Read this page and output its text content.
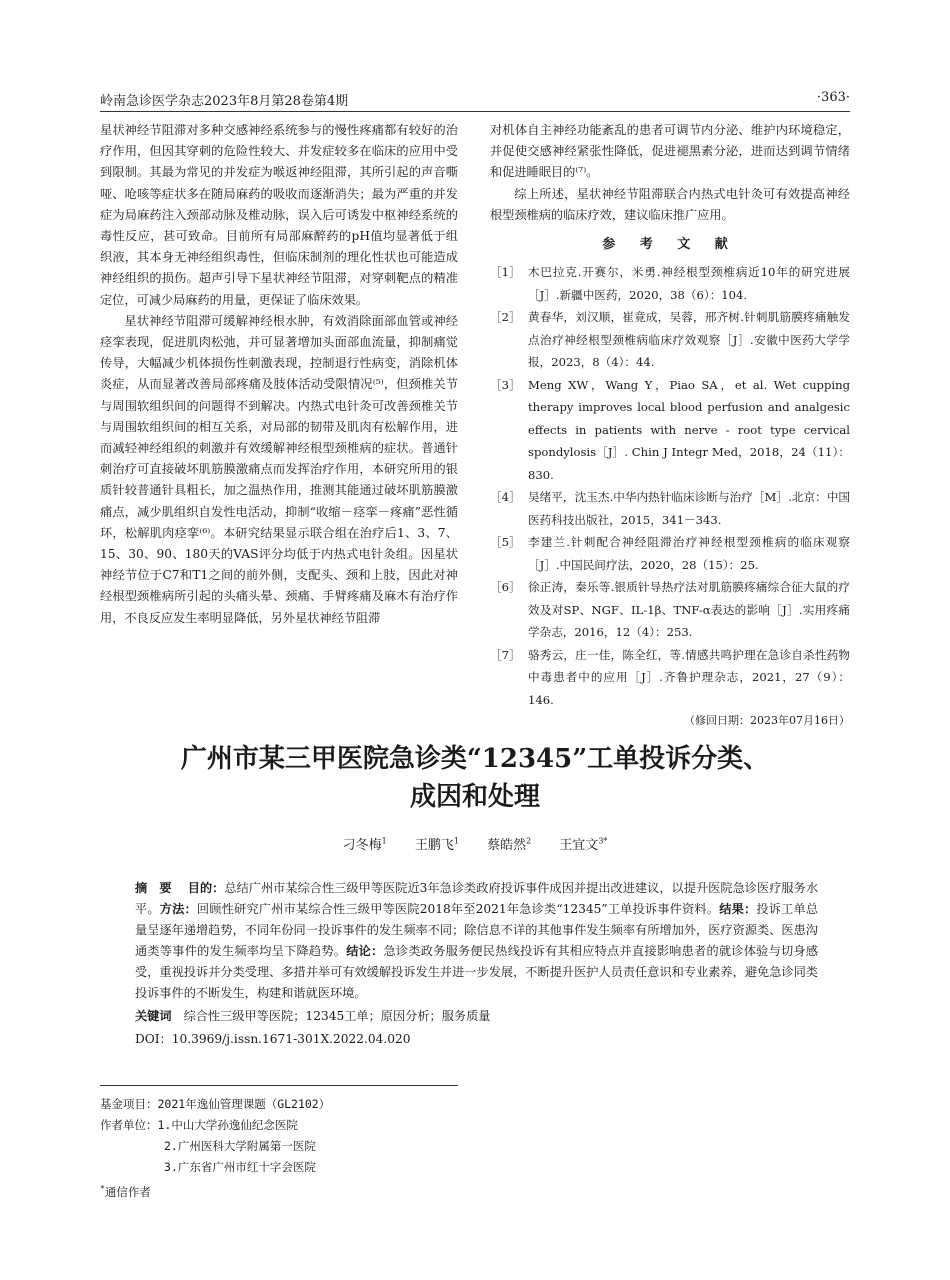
岭南急诊医学杂志2023年8月第28卷第4期	·363·

星状神经节阻滞对多种交感神经系统参与的慢性疼痛都有较好的治疗作用，但因其穿刺的危险性较大、并发症较多在临床的应用中受到限制。其最为常见的并发症为喉返神经阻滞，其所引起的声音嘶哑、呛咳等症状多在随局麻药的吸收而逐渐消失；最为严重的并发症为局麻药注入颈部动脉及椎动脉，误入后可诱发中枢神经系统的毒性反应，甚可致命。目前所有局部麻醉药的pH值均显著低于组织液，其本身无神经组织毒性，但临床制剂的理化性状也可能造成神经组织的损伤。超声引导下星状神经节阻滞，对穿刺靶点的精准定位，可减少局麻药的用量，更保证了临床效果。

星状神经节阻滞可缓解神经根水肿，有效消除面部血管或神经痉挛表现，促进肌肉松弛，并可显著增加头面部血流量，抑制痛觉传导，大幅减少机体损伤性刺激表现，控制退行性病变，消除机体炎症，从而显著改善局部疼痛及肢体活动受限情况⁽⁵⁾，但颈椎关节与周围软组织间的问题得不到解决。内热式电针灸可改善颈椎关节与周围软组织间的相互关系，对局部的韧带及肌肉有松解作用，进而减轻神经组织的刺激并有效缓解神经根型颈椎病的症状。普通针刺治疗可直接破坏肌筋膜激痛点而发挥治疗作用，本研究所用的银质针较普通针具粗长，加之温热作用，推测其能通过破坏肌筋膜激痛点，减少肌组织自发性电活动，抑制“收缩－痉挛－疼痛”恶性循环，松解肌肉痉挛⁽⁶⁾。本研究结果显示联合组在治疗后1、3、7、15、30、90、180天的VAS评分均低于内热式电针灸组。因星状神经节位于C7和T1之间的前外侧，支配头、颈和上肢，因此对神经根型颈椎病所引起的头痛头晕、颈痛、手臂疼痛及麻木有治疗作用，不良反应发生率明显降低，另外星状神经节阻滞

对机体自主神经功能紊乱的患者可调节内分泌、维护内环境稳定，并促使交感神经紧张性降低，促进褪黑素分泌，进而达到调节情绪和促进睡眠目的⁽⁷⁾。

综上所述，星状神经节阻滞联合内热式电针灸可有效提高神经根型颈椎病的临床疗效，建议临床推广应用。

参 考 文 献
［1］ 木巴拉克.开赛尔，米勇.神经根型颈椎病近10年的研究进展［J］.新疆中医药，2020，38（6）：104.
［2］ 黄春华，刘汉顺，崔竟成，吴蓉，邢齐树.针刺肌筋膜疼痛触发点治疗神经根型颈椎病临床疗效观察［J］.安徽中医药大学学报，2023，8（4）：44.
［3］ Meng XW，Wang Y，Piao SA，et al. Wet cupping therapy improves local blood perfusion and analgesic effects in patients with nerve - root type cervical spondylosis［J］. Chin J Integr Med，2018，24（11）：830.
［4］ 吴绪平，沈玉杰.中华内热针临床诊断与治疗［M］.北京：中国医药科技出版社，2015，341－343.
［5］ 李建兰.针刺配合神经阻滞治疗神经根型颈椎病的临床观察［J］.中国民间疗法，2020，28（15）：25.
［6］ 徐正涛，秦乐等.银质针导热疗法对肌筋膜疼痛综合征大鼠的疗效及对SP、NGF、IL-1β、TNF-α表达的影响［J］.实用疼痛学杂志，2016，12（4）：253.
［7］ 骆秀云，庄一佳，陈全红，等.情感共鸣护理在急诊自杀性药物中毒患者中的应用［J］.齐鲁护理杂志，2021，27（9）：146.
（修回日期：2023年07月16日）
广州市某三甲医院急诊类“12345”工单投诉分类、
成因和处理
刁冬梅$^1$ 王鹏飞$^1$ 蔡皓然$^2$ 王宜文$^{3*}$
摘　要　 目的：总结广州市某综合性三级甲等医院近3年急诊类政府投诉事件成因并提出改进建议，以提升医院急诊医疗服务水平。方法：回顾性研究广州市某综合性三级甲等医院2018年至2021年急诊类“12345”工单投诉事件资料。结果：投诉工单总量呈逐年递增趋势，不同年份同一投诉事件的发生频率不同；除信息不详的其他事件发生频率有所增加外，医疗资源类、医患沟通类等事件的发生频率均呈下降趋势。结论：急诊类政务服务便民热线投诉有其相应特点并直接影响患者的就诊体验与切身感受，重视投诉并分类受理、多措并举可有效缓解投诉发生并进一步发展，不断提升医护人员责任意识和专业素养，避免急诊同类投诉事件的不断发生，构建和谐就医环境。
关键词 综合性三级甲等医院；12345工单；原因分析；服务质量
DOI：10.3969/j.issn.1671-301X.2022.04.020
基金项目：2021年逸仙管理课题（GL2102）
作者单位：1.中山大学孙逸仙纪念医院
2.广州医科大学附属第一医院
3.广东省广州市红十字会医院
*通信作者
